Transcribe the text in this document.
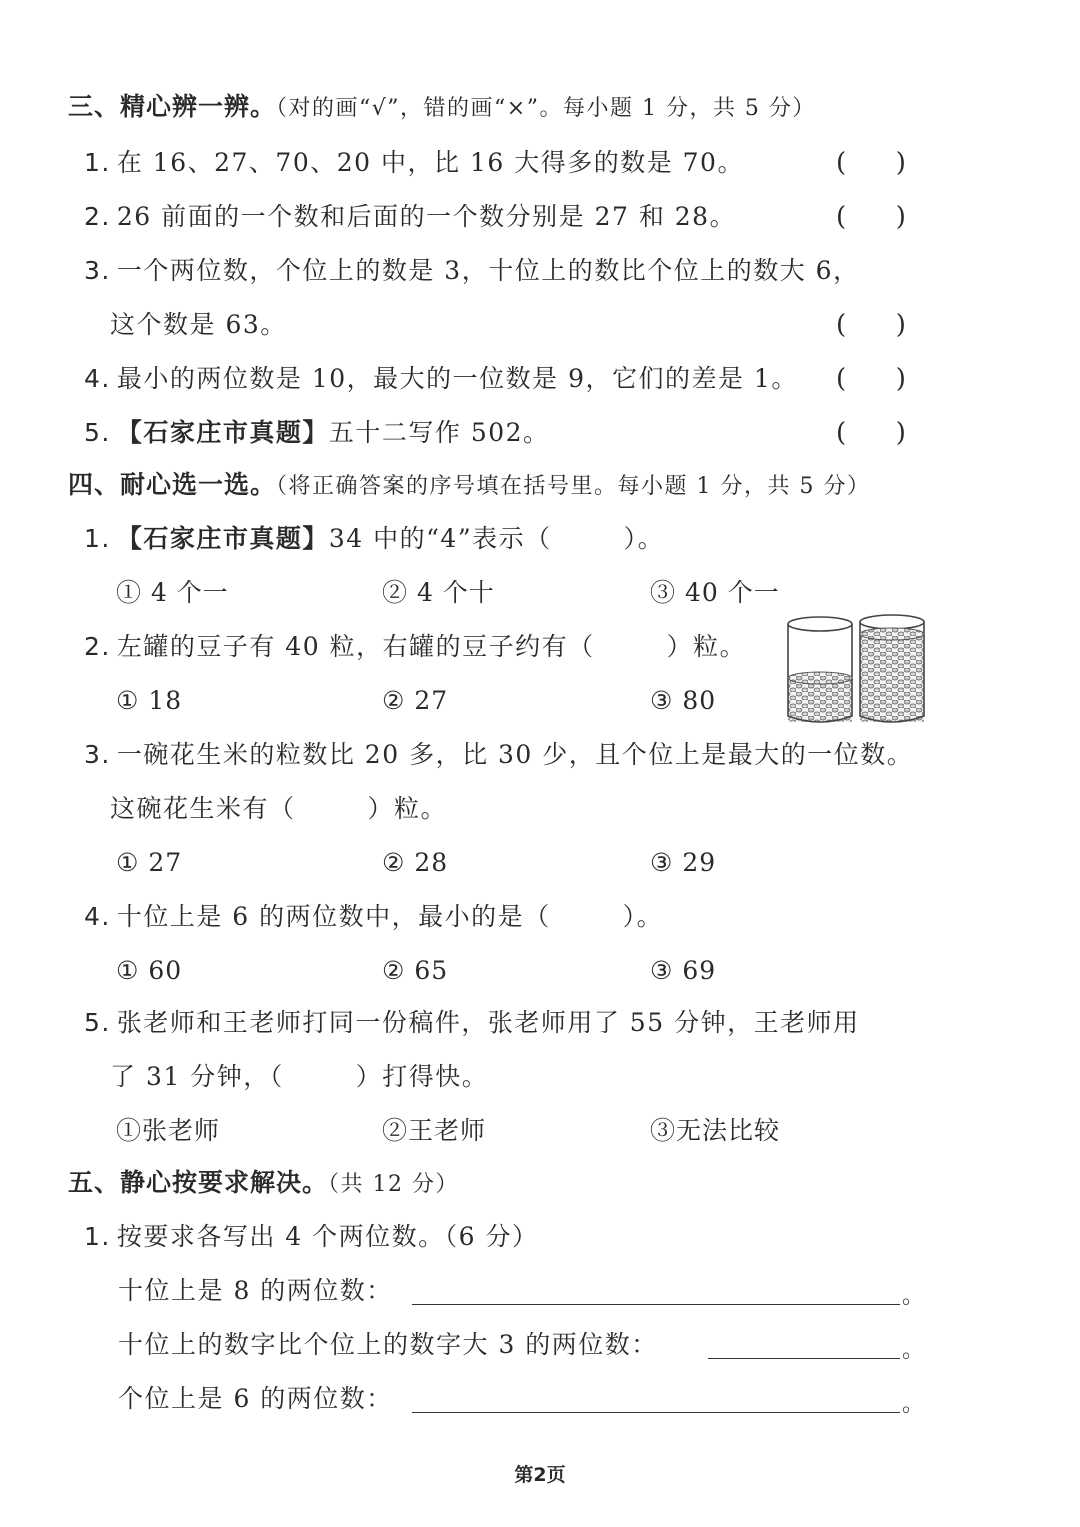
三、精心辨一辨。（对的画“√”，错的画“×”。每小题 1 分，共 5 分）
1. 在 16、27、70、20 中，比 16 大得多的数是 70。	(      )
2. 26 前面的一个数和后面的一个数分别是 27 和 28。	(      )
3. 一个两位数，个位上的数是 3，十位上的数比个位上的数大 6，
这个数是 63。	(      )
4. 最小的两位数是 10，最大的一位数是 9，它们的差是 1。 (      )
5. 【石家庄市真题】五十二写作 502。	(      )
四、耐心选一选。（将正确答案的序号填在括号里。每小题 1 分，共 5 分）
1. 【石家庄市真题】34 中的“4”表示（	）。
① 4 个一	② 4 个十	③ 40 个一
2. 左罐的豆子有 40 粒，右罐的豆子约有（	）粒。
① 18	② 27	③ 80
3. 一碗花生米的粒数比 20 多，比 30 少，且个位上是最大的一位数。
这碗花生米有（	）粒。
① 27	② 28	③ 29
4. 十位上是 6 的两位数中，最小的是（	）。
① 60	② 65	③ 69
5. 张老师和王老师打同一份稿件，张老师用了 55 分钟，王老师用
了 31 分钟，（	）打得快。
①张老师	②王老师	③无法比较
五、静心按要求解决。（共 12 分）
1. 按要求各写出 4 个两位数。（6 分）
十位上是 8 的两位数：	。
十位上的数字比个位上的数字大 3 的两位数：	。
个位上是 6 的两位数：	。
第2页
